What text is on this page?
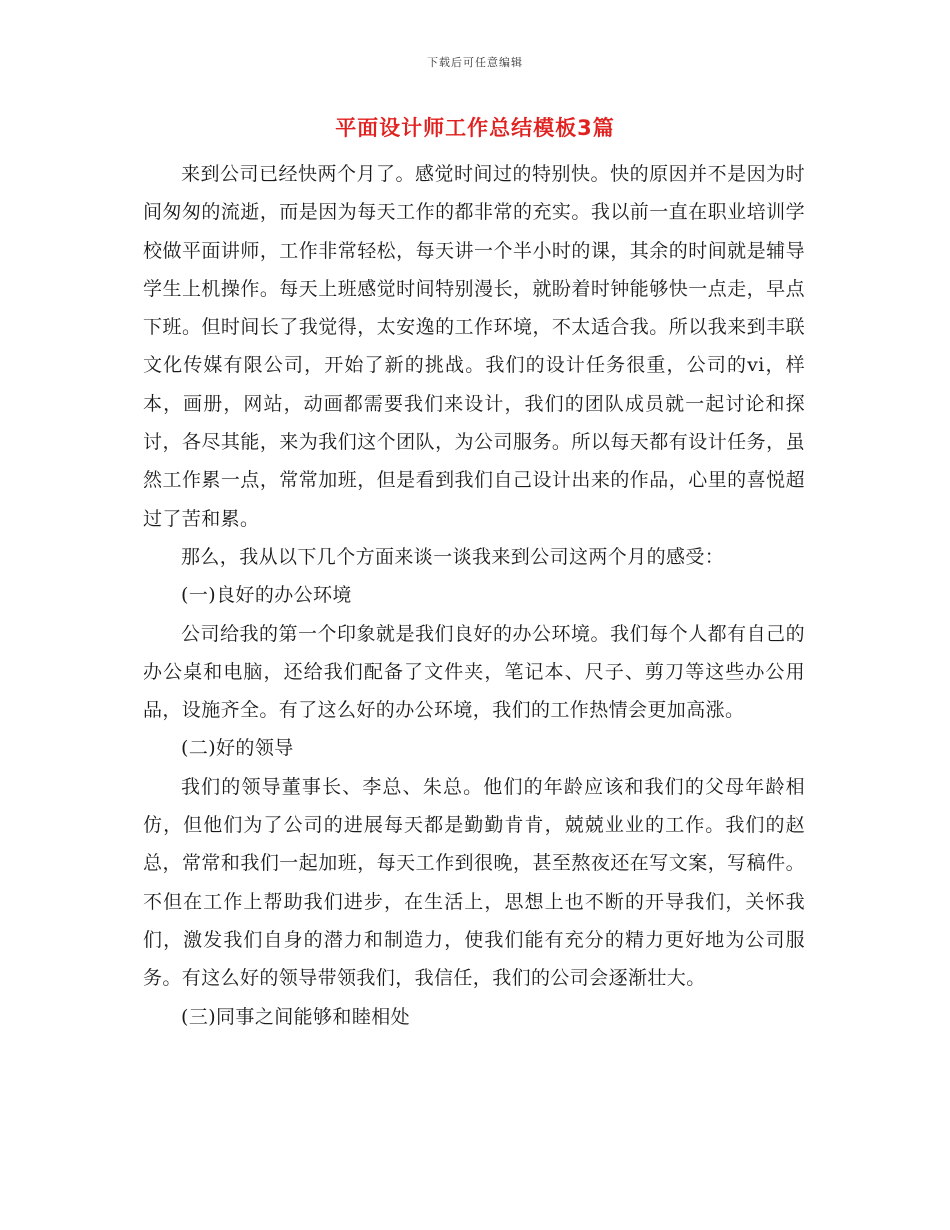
下载后可任意编辑
平面设计师工作总结模板3篇

来到公司已经快两个月了。感觉时间过的特别快。快的原因并不是因为时间匆匆的流逝，而是因为每天工作的都非常的充实。我以前一直在职业培训学校做平面讲师，工作非常轻松，每天讲一个半小时的课，其余的时间就是辅导学生上机操作。每天上班感觉时间特别漫长，就盼着时钟能够快一点走，早点下班。但时间长了我觉得，太安逸的工作环境，不太适合我。所以我来到丰联文化传媒有限公司，开始了新的挑战。我们的设计任务很重，公司的vi，样本，画册，网站，动画都需要我们来设计，我们的团队成员就一起讨论和探讨，各尽其能，来为我们这个团队，为公司服务。所以每天都有设计任务，虽然工作累一点，常常加班，但是看到我们自己设计出来的作品，心里的喜悦超过了苦和累。

那么，我从以下几个方面来谈一谈我来到公司这两个月的感受：

(一)良好的办公环境

公司给我的第一个印象就是我们良好的办公环境。我们每个人都有自己的办公桌和电脑，还给我们配备了文件夹，笔记本、尺子、剪刀等这些办公用品，设施齐全。有了这么好的办公环境，我们的工作热情会更加高涨。

(二)好的领导

我们的领导董事长、李总、朱总。他们的年龄应该和我们的父母年龄相仿，但他们为了公司的进展每天都是勤勤肯肯，兢兢业业的工作。我们的赵总，常常和我们一起加班，每天工作到很晚，甚至熬夜还在写文案，写稿件。不但在工作上帮助我们进步，在生活上，思想上也不断的开导我们，关怀我们，激发我们自身的潜力和制造力，使我们能有充分的精力更好地为公司服务。有这么好的领导带领我们，我信任，我们的公司会逐渐壮大。

(三)同事之间能够和睦相处
